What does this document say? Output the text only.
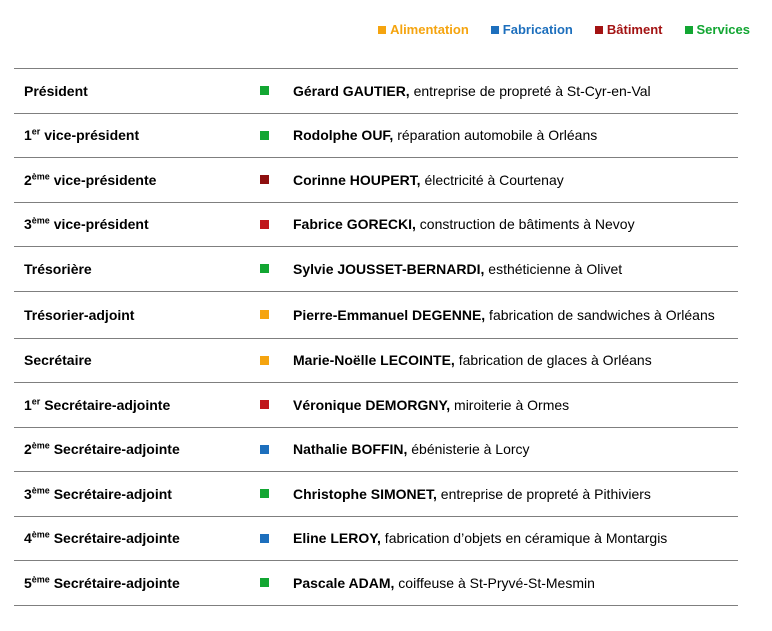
Alimentation	Fabrication	Bâtiment	Services
Président	Gérard GAUTIER, entreprise de propreté à St-Cyr-en-Val
1er vice-président	Rodolphe OUF, réparation automobile à Orléans
2ème vice-présidente	Corinne HOUPERT, électricité à Courtenay
3ème vice-président	Fabrice GORECKI, construction de bâtiments à Nevoy
Trésorière	Sylvie JOUSSET-BERNARDI, esthéticienne à Olivet
Trésorier-adjoint	Pierre-Emmanuel DEGENNE, fabrication de sandwiches à Orléans
Secrétaire	Marie-Noëlle LECOINTE, fabrication de glaces à Orléans
1er Secrétaire-adjointe	Véronique DEMORGNY, miroiterie à Ormes
2ème Secrétaire-adjointe	Nathalie BOFFIN, ébénisterie à Lorcy
3ème Secrétaire-adjoint	Christophe SIMONET, entreprise de propreté à Pithiviers
4ème Secrétaire-adjointe	Eline LEROY, fabrication d’objets en céramique à Montargis
5ème Secrétaire-adjointe	Pascale ADAM, coiffeuse à St-Pryvé-St-Mesmin
